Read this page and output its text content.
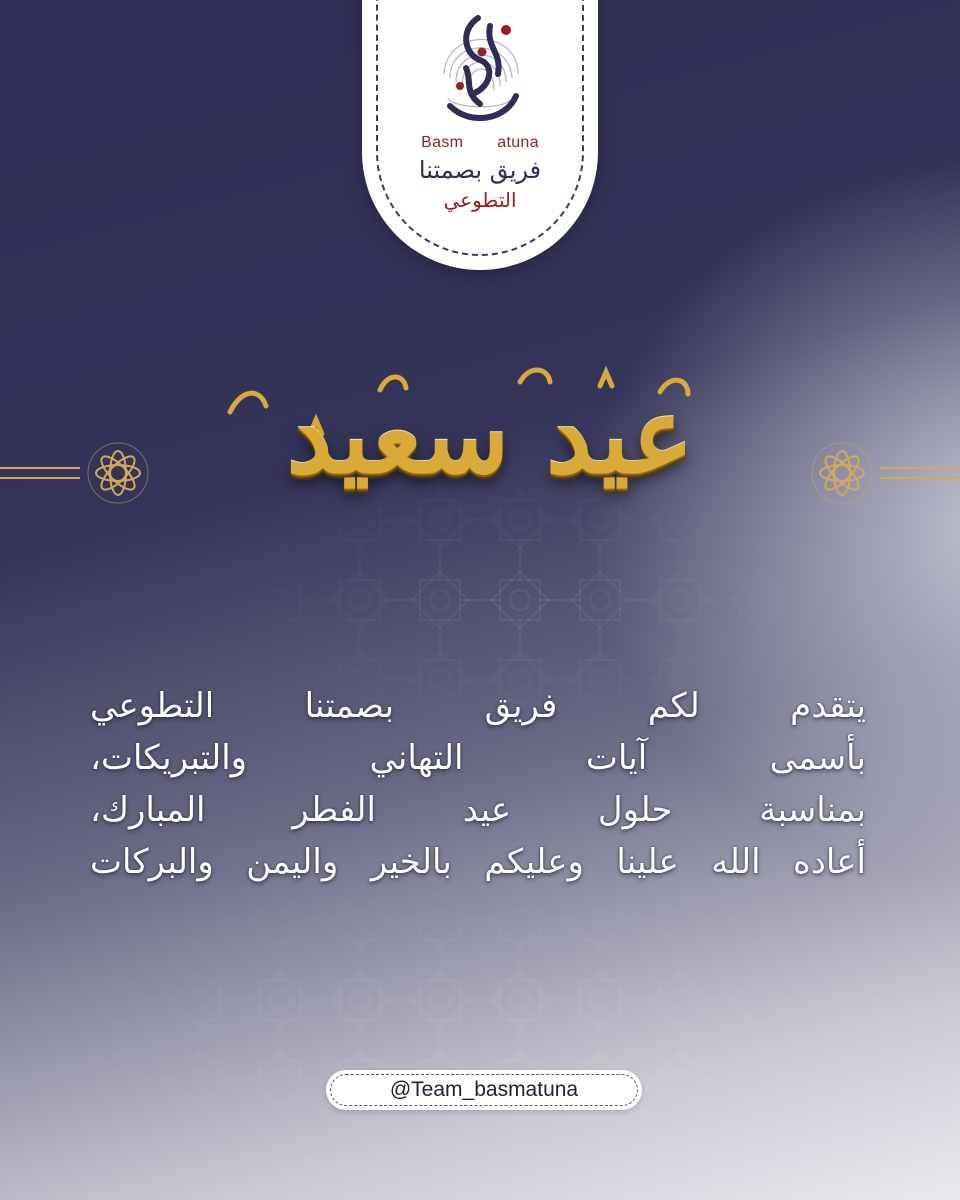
Basm atuna
فريق بصمتنا
التطوعي
عيد سعيد
يتقدم لكم فريق بصمتنا التطوعي
بأسمى آيات التهاني والتبريكات،
بمناسبة حلول عيد الفطر المبارك،
أعاده الله علينا وعليكم بالخير واليمن والبركات
@Team_basmatuna
